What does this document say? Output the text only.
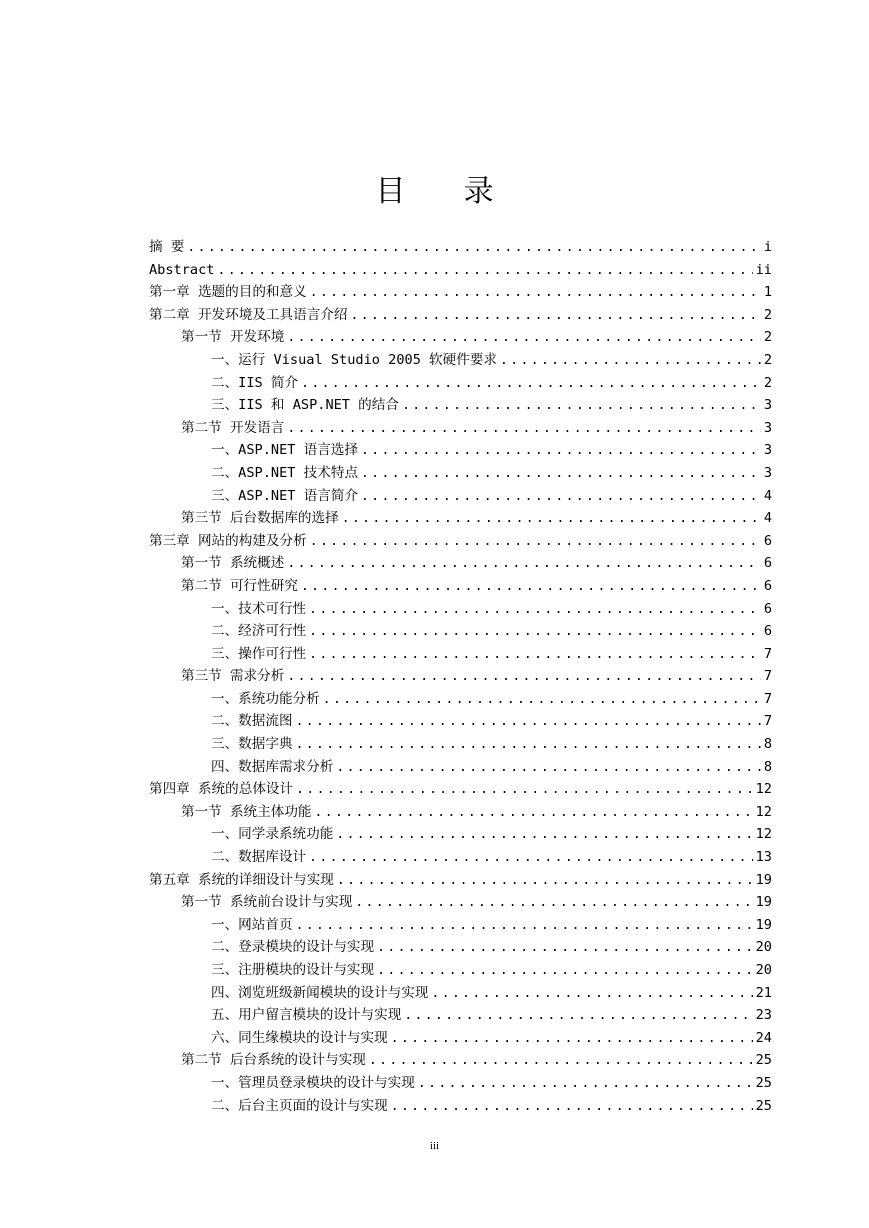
目录
摘 要 .....	i
Abstract .....	ii
第一章 选题的目的和意义 .....	1
第二章 开发环境及工具语言介绍 .....	2
第一节 开发环境 .....	2
一、运行 Visual Studio 2005 软硬件要求 .....	2
二、IIS 简介 .....	2
三、IIS 和 ASP.NET 的结合 .....	3
第二节 开发语言 .....	3
一、ASP.NET 语言选择 .....	3
二、ASP.NET 技术特点 .....	3
三、ASP.NET 语言简介 .....	4
第三节 后台数据库的选择 .....	4
第三章 网站的构建及分析 .....	6
第一节 系统概述 .....	6
第二节 可行性研究 .....	6
一、技术可行性 .....	6
二、经济可行性 .....	6
三、操作可行性 .....	7
第三节 需求分析 .....	7
一、系统功能分析 .....	7
二、数据流图 .....	7
三、数据字典 .....	8
四、数据库需求分析 .....	8
第四章 系统的总体设计 .....	12
第一节 系统主体功能 .....	12
一、同学录系统功能 .....	12
二、数据库设计 .....	13
第五章 系统的详细设计与实现 .....	19
第一节 系统前台设计与实现 .....	19
一、网站首页 .....	19
二、登录模块的设计与实现 .....	20
三、注册模块的设计与实现 .....	20
四、浏览班级新闻模块的设计与实现 .....	21
五、用户留言模块的设计与实现 .....	23
六、同生缘模块的设计与实现 .....	24
第二节 后台系统的设计与实现 .....	25
一、管理员登录模块的设计与实现 .....	25
二、后台主页面的设计与实现 .....	25
iii
